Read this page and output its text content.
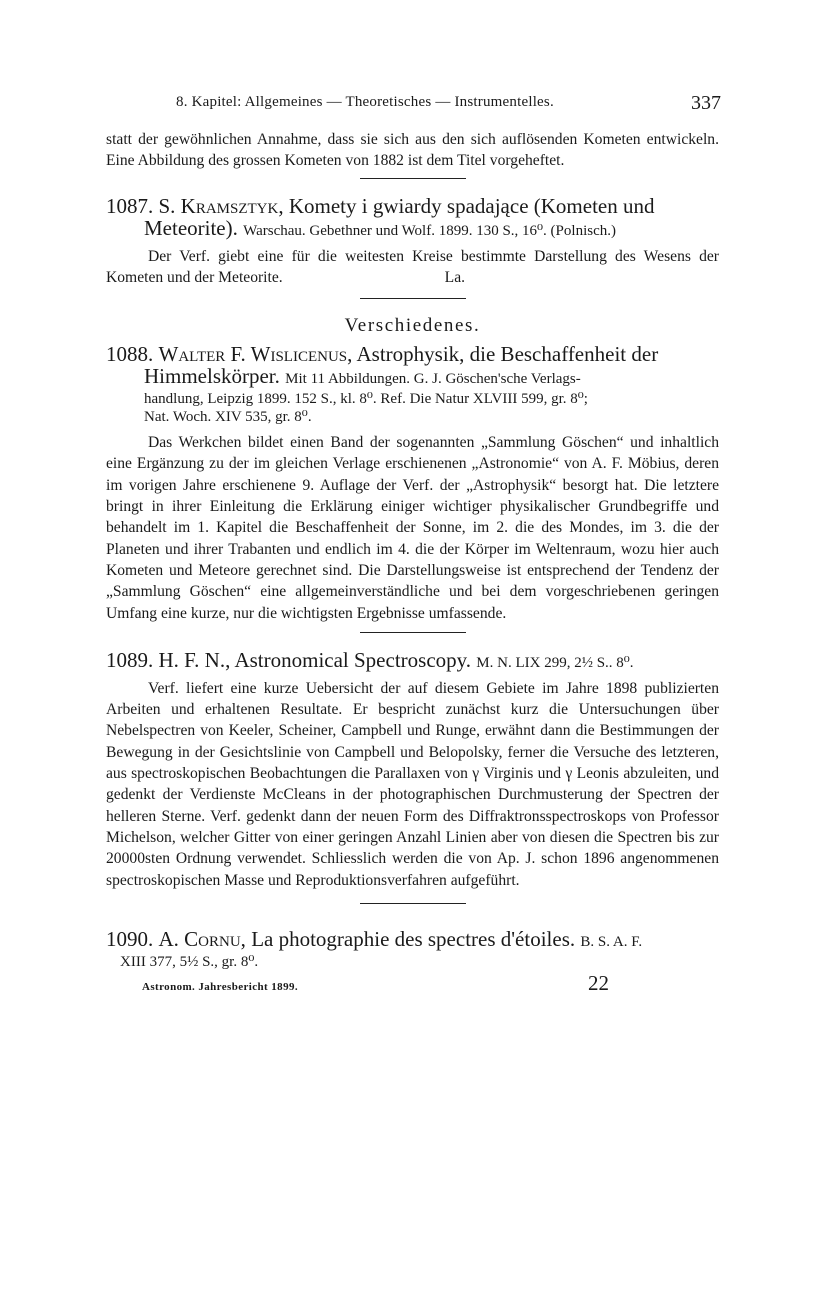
8. Kapitel: Allgemeines — Theoretisches — Instrumentelles.	337

statt der gewöhnlichen Annahme, dass sie sich aus den sich auflösenden Kometen entwickeln. Eine Abbildung des grossen Kometen von 1882 ist dem Titel vorgeheftet.

1087. S. Kramsztyk, Komety i gwiardy spadające (Kometen und
Meteorite). Warschau. Gebethner und Wolf. 1899. 130 S., 16⁰. (Polnisch.)

Der Verf. giebt eine für die weitesten Kreise bestimmte Darstellung des Wesens der Kometen und der Meteorite.	La.

Verschiedenes.
1088. Walter F. Wislicenus, Astrophysik, die Beschaffenheit der
Himmelskörper. Mit 11 Abbildungen. G. J. Göschen'sche Verlags-
handlung, Leipzig 1899. 152 S., kl. 8⁰. Ref. Die Natur XLVIII 599, gr. 8⁰;
Nat. Woch. XIV 535, gr. 8⁰.

Das Werkchen bildet einen Band der sogenannten „Sammlung Göschen“ und inhaltlich eine Ergänzung zu der im gleichen Verlage erschienenen „Astronomie“ von A. F. Möbius, deren im vorigen Jahre erschienene 9. Auflage der Verf. der „Astrophysik“ besorgt hat. Die letztere bringt in ihrer Einleitung die Erklärung einiger wichtiger physikalischer Grundbegriffe und behandelt im 1. Kapitel die Beschaffenheit der Sonne, im 2. die des Mondes, im 3. die der Planeten und ihrer Trabanten und endlich im 4. die der Körper im Weltenraum, wozu hier auch Kometen und Meteore gerechnet sind. Die Darstellungsweise ist entsprechend der Tendenz der „Sammlung Göschen“ eine allgemeinverständliche und bei dem vorgeschriebenen geringen Umfang eine kurze, nur die wichtigsten Ergebnisse umfassende.

1089. H. F. N., Astronomical Spectroscopy. M. N. LIX 299, 2½ S.. 8⁰.

Verf. liefert eine kurze Uebersicht der auf diesem Gebiete im Jahre 1898 publizierten Arbeiten und erhaltenen Resultate. Er bespricht zunächst kurz die Untersuchungen über Nebelspectren von Keeler, Scheiner, Campbell und Runge, erwähnt dann die Bestimmungen der Bewegung in der Gesichtslinie von Campbell und Belopolsky, ferner die Versuche des letzteren, aus spectroskopischen Beobachtungen die Parallaxen von γ Virginis und γ Leonis abzuleiten, und gedenkt der Verdienste McCleans in der photographischen Durchmusterung der Spectren der helleren Sterne. Verf. gedenkt dann der neuen Form des Diffraktronsspectroskops von Professor Michelson, welcher Gitter von einer geringen Anzahl Linien aber von diesen die Spectren bis zur 20000sten Ordnung verwendet. Schliesslich werden die von Ap. J. schon 1896 angenommenen spectroskopischen Masse und Reproduktionsverfahren aufgeführt.

1090. A. Cornu, La photographie des spectres d'étoiles. B. S. A. F.
XIII 377, 5½ S., gr. 8⁰.
Astronom. Jahresbericht 1899.	22
